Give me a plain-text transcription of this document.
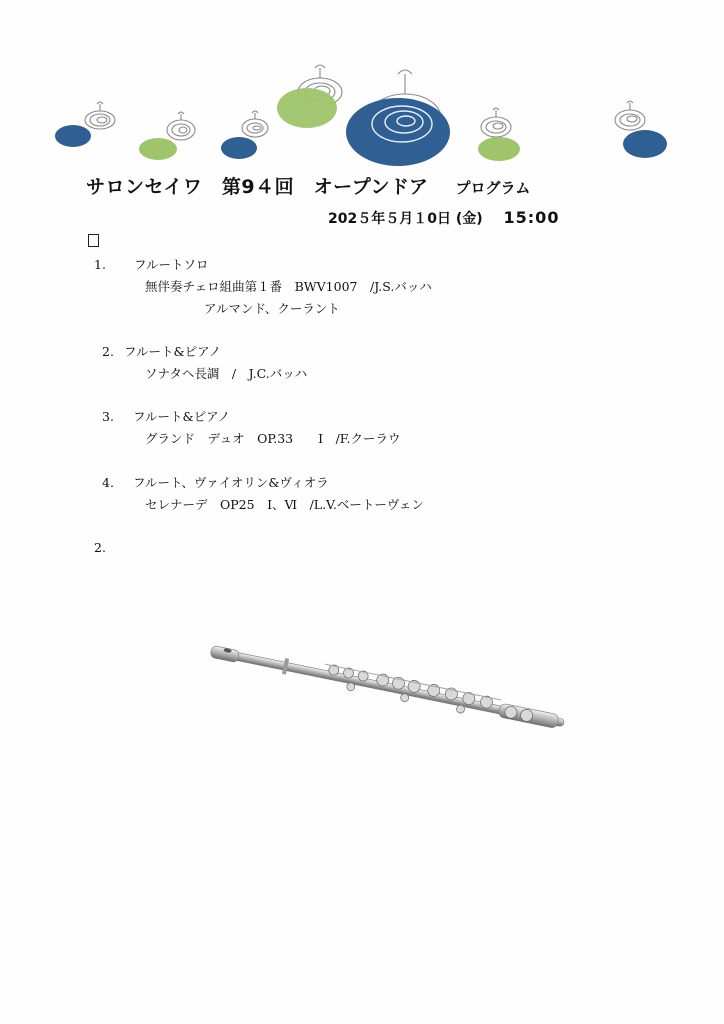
サロンセイワ　第9４回　オープンドア プログラム
202５年５月１0日 (金) 15:00
1. フルートソロ
無伴奏チェロ組曲第１番　BWV1007　/J.S.バッハ
アルマンド、クーラント
2. フルート&ピアノ
ソナタヘ長調　/　J.C.バッハ
3. フルート&ピアノ
グランド　デュオ　OP.33　　Ⅰ　/F.クーラウ
4. フルート、ヴァイオリン&ヴィオラ
セレナーデ　OP25　Ⅰ、Ⅵ　/L.V.ベートーヴェン
2.
